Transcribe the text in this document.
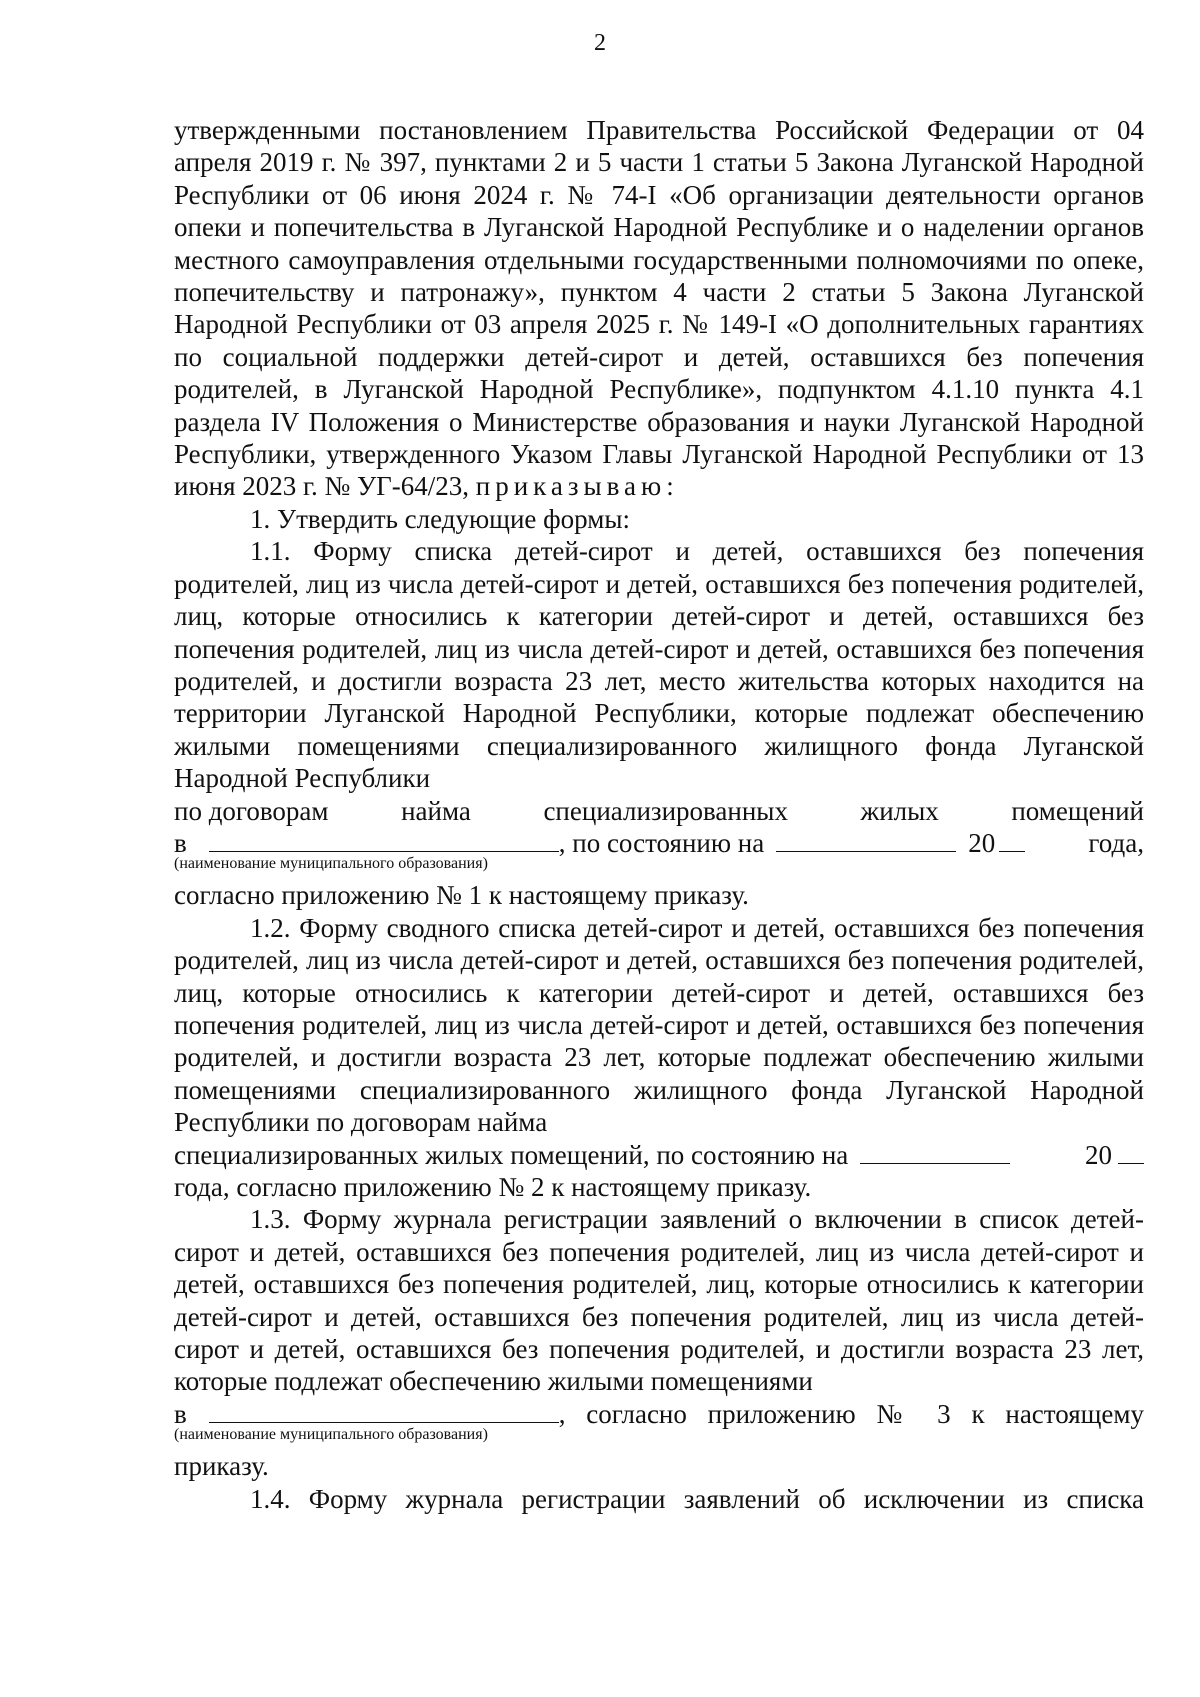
2

утвержденными постановлением Правительства Российской Федерации от 04 апреля 2019 г. № 397, пунктами 2 и 5 части 1 статьи 5 Закона Луганской Народной Республики от 06 июня 2024 г. № 74-I «Об организации деятельности органов опеки и попечительства в Луганской Народной Республике и о наделении органов местного самоуправления отдельными государственными полномочиями по опеке, попечительству и патронажу», пунктом 4 части 2 статьи 5 Закона Луганской Народной Республики от 03 апреля 2025 г. № 149-I «О дополнительных гарантиях по социальной поддержки детей-сирот и детей, оставшихся без попечения родителей, в Луганской Народной Республике», подпунктом 4.1.10 пункта 4.1 раздела IV Положения о Министерстве образования и науки Луганской Народной Республики, утвержденного Указом Главы Луганской Народной Республики от 13 июня 2023 г. № УГ-64/23, приказываю:

1. Утвердить следующие формы:

1.1. Форму списка детей-сирот и детей, оставшихся без попечения родителей, лиц из числа детей-сирот и детей, оставшихся без попечения родителей, лиц, которые относились к категории детей-сирот и детей, оставшихся без попечения родителей, лиц из числа детей-сирот и детей, оставшихся без попечения родителей, и достигли возраста 23 лет, место жительства которых находится на территории Луганской Народной Республики, которые подлежат обеспечению жилыми помещениями специализированного жилищного фонда Луганской Народной Республики

по договорам	найма	специализированных	жилых	помещений
в	, по состоянию на	20	года,
(наименование муниципального образования)

согласно приложению № 1 к настоящему приказу.

1.2. Форму сводного списка детей-сирот и детей, оставшихся без попечения родителей, лиц из числа детей-сирот и детей, оставшихся без попечения родителей, лиц, которые относились к категории детей-сирот и детей, оставшихся без попечения родителей, лиц из числа детей-сирот и детей, оставшихся без попечения родителей, и достигли возраста 23 лет, которые подлежат обеспечению жилыми помещениями специализированного жилищного фонда Луганской Народной Республики по договорам найма

специализированных жилых помещений, по состоянию на	20

года, согласно приложению № 2 к настоящему приказу.

1.3. Форму журнала регистрации заявлений о включении в список детей-сирот и детей, оставшихся без попечения родителей, лиц из числа детей-сирот и детей, оставшихся без попечения родителей, лиц, которые относились к категории детей-сирот и детей, оставшихся без попечения родителей, лиц из числа детей-сирот и детей, оставшихся без попечения родителей, и достигли возраста 23 лет, которые подлежат обеспечению жилыми помещениями

в	, согласно приложению № 3 к настоящему
(наименование муниципального образования)

приказу.

1.4. Форму журнала регистрации заявлений об исключении из списка
